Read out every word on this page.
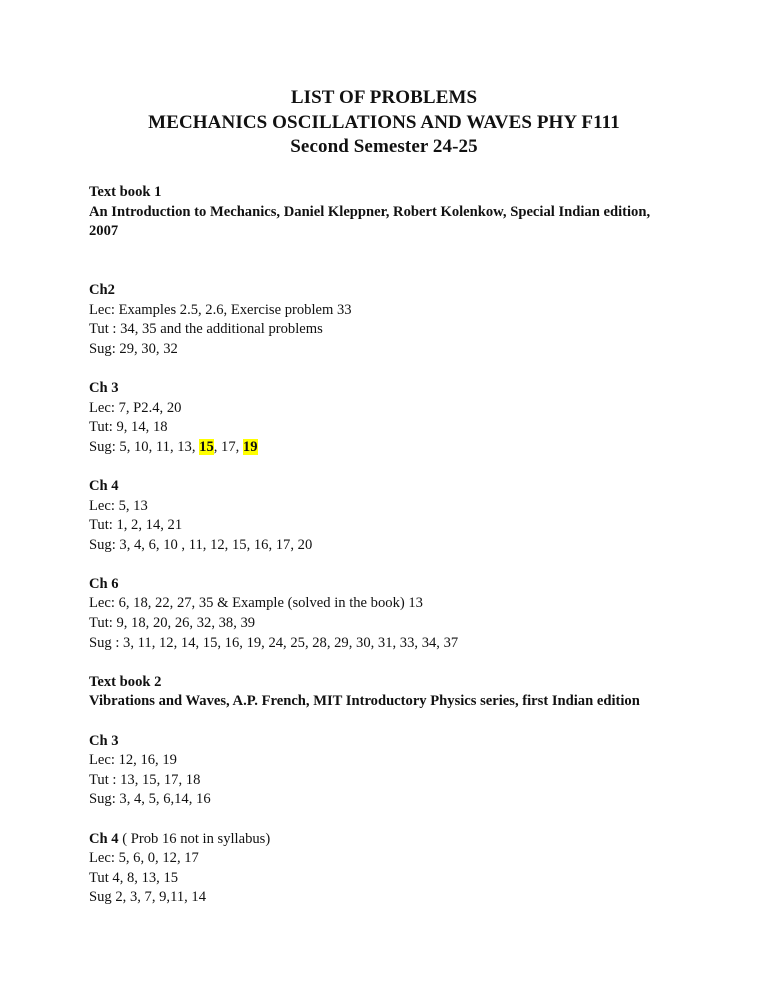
LIST OF PROBLEMS
MECHANICS OSCILLATIONS AND WAVES PHY F111
Second Semester 24-25
Text book 1
An Introduction to Mechanics, Daniel Kleppner, Robert Kolenkow, Special Indian edition,
2007
Ch2
Lec: Examples 2.5, 2.6, Exercise problem 33
Tut : 34, 35 and the additional problems
Sug: 29, 30, 32
Ch 3
Lec: 7, P2.4, 20
Tut: 9, 14, 18
Sug: 5, 10, 11, 13, 15, 17, 19
Ch 4
Lec: 5, 13
Tut: 1, 2, 14, 21
Sug: 3, 4, 6, 10 , 11, 12, 15, 16, 17, 20
Ch 6
Lec: 6, 18, 22, 27, 35 & Example (solved in the book) 13
Tut: 9, 18, 20, 26, 32, 38, 39
Sug : 3, 11, 12, 14, 15, 16, 19, 24, 25, 28, 29, 30, 31, 33, 34, 37
Text book 2
Vibrations and Waves, A.P. French, MIT Introductory Physics series, first Indian edition
Ch 3
Lec: 12, 16, 19
Tut : 13, 15, 17, 18
Sug: 3, 4, 5, 6,14, 16
Ch 4 ( Prob 16 not in syllabus)
Lec: 5, 6, 0, 12, 17
Tut 4, 8, 13, 15
Sug 2, 3, 7, 9,11, 14
